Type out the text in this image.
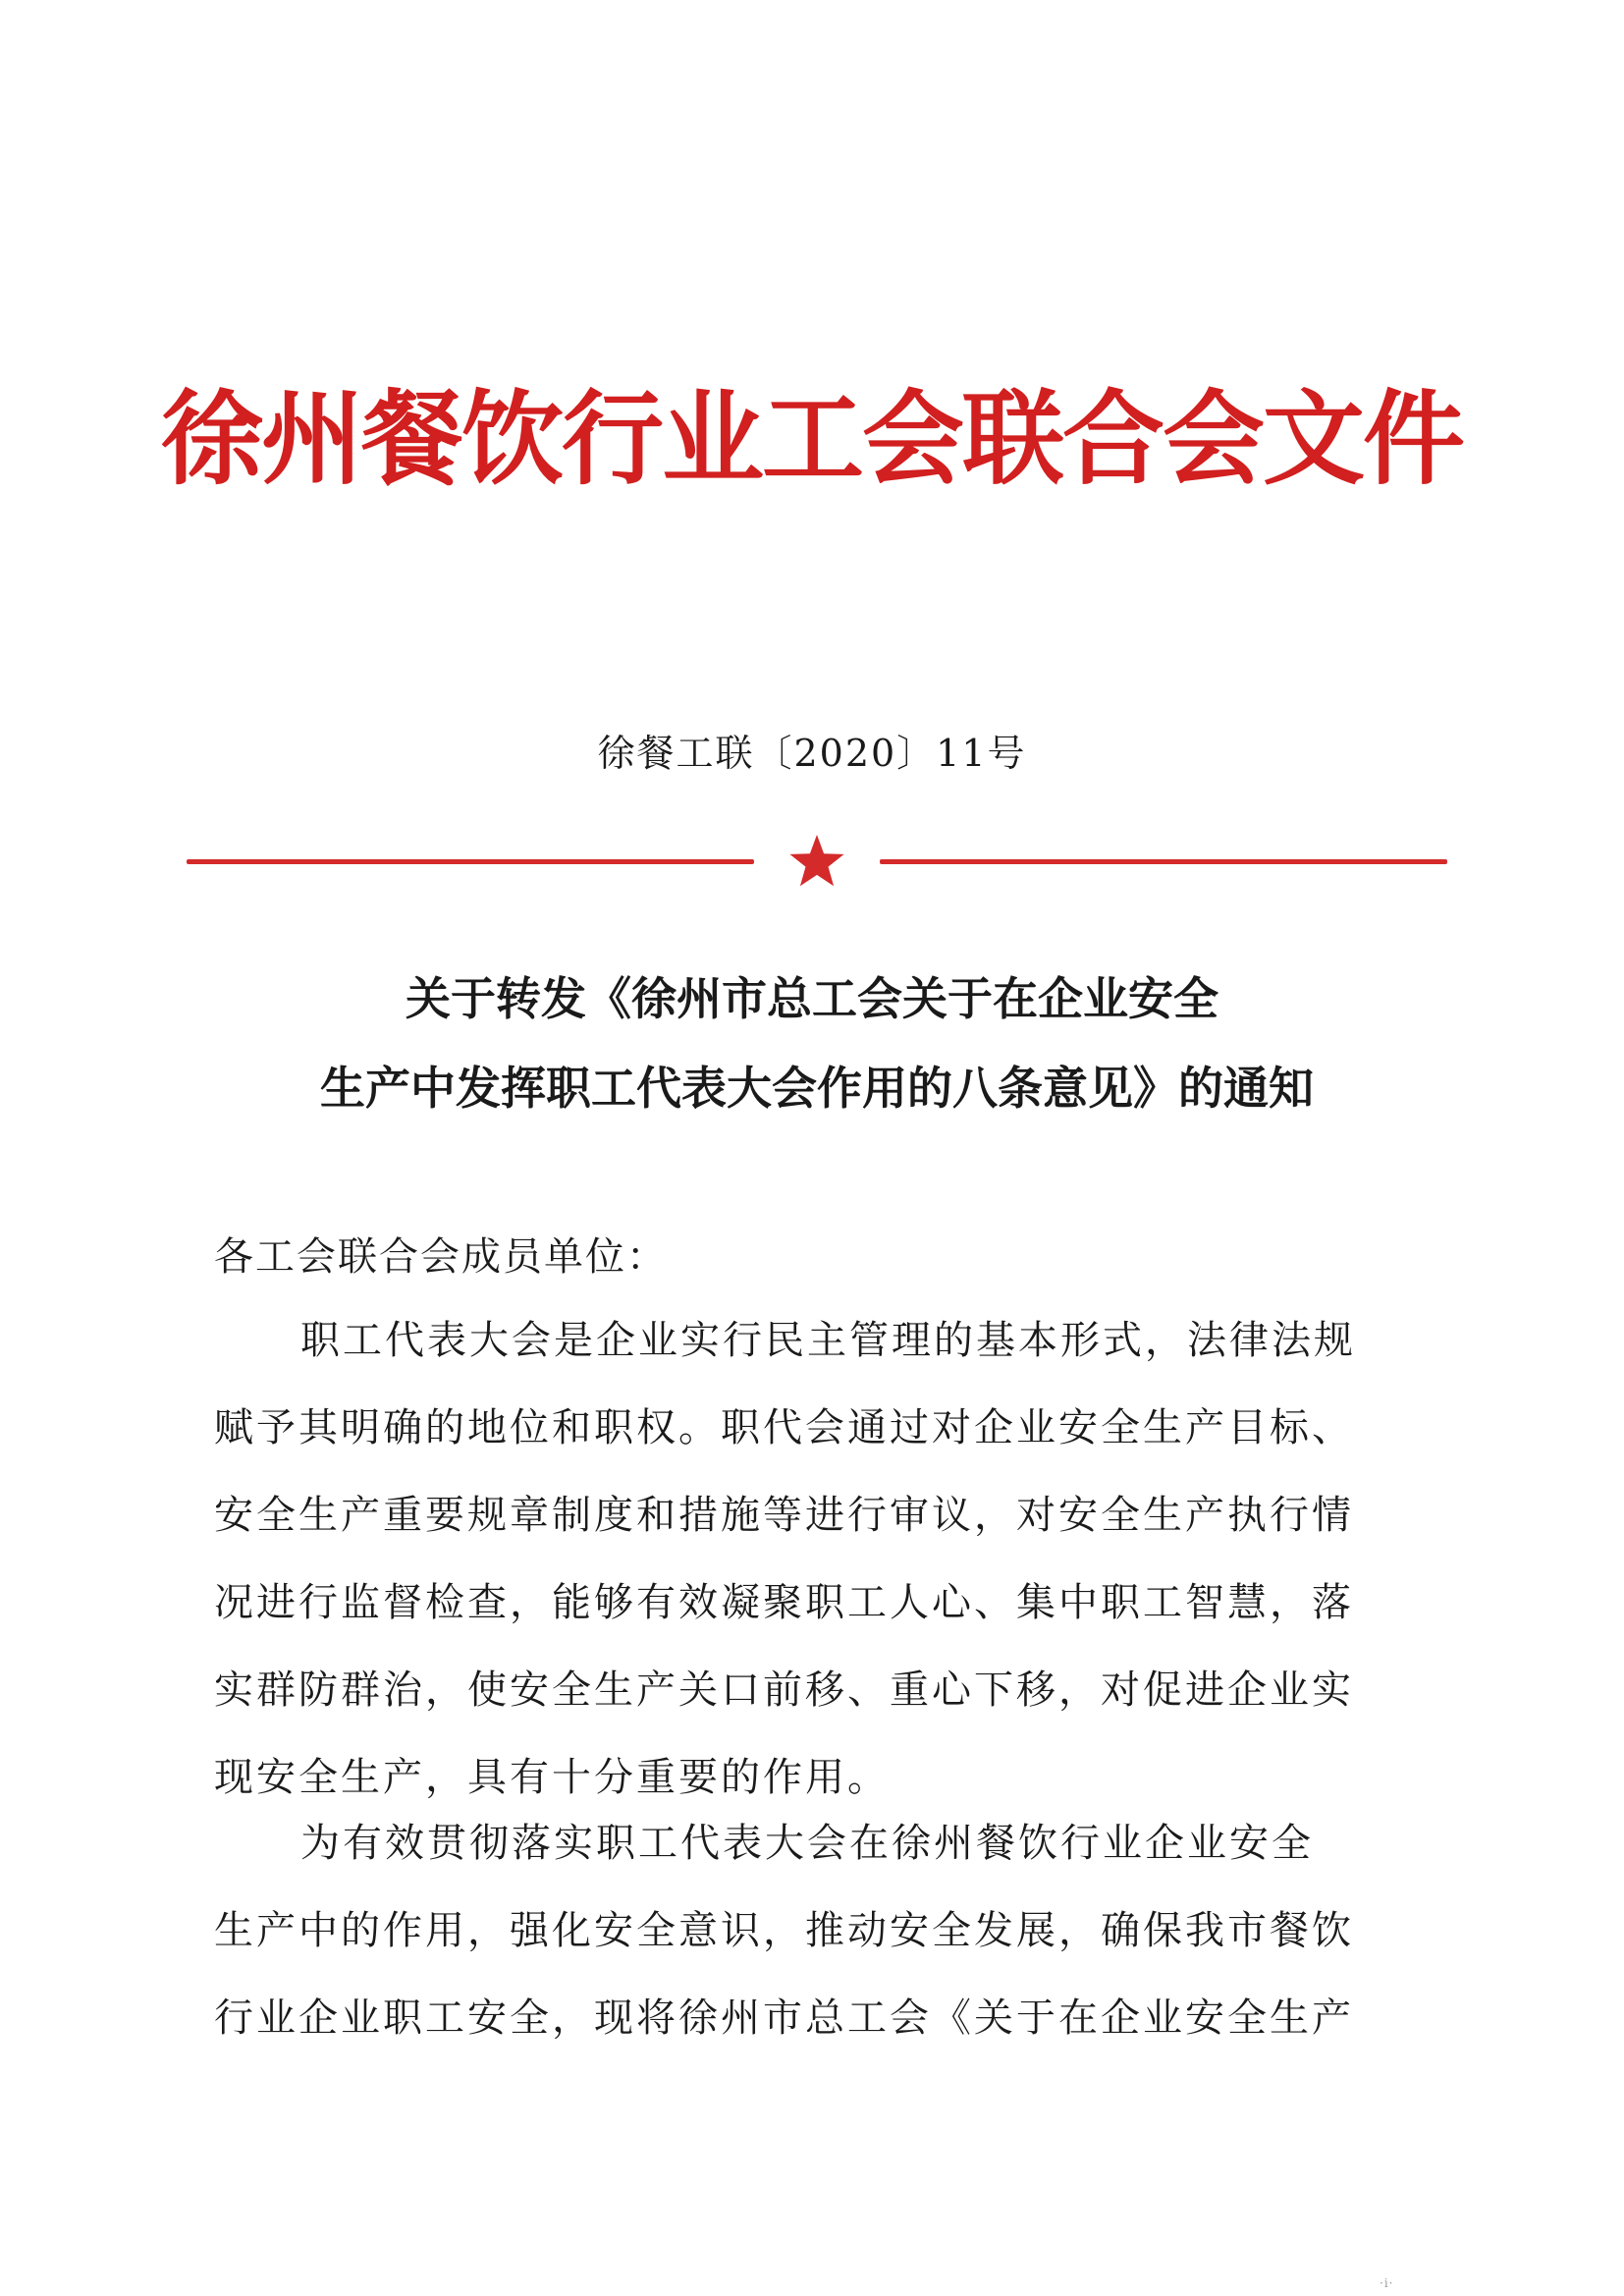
徐州餐饮行业工会联合会文件
徐餐工联〔2020〕11号
关于转发《徐州市总工会关于在企业安全
生产中发挥职工代表大会作用的八条意见》的通知
各工会联合会成员单位：
职工代表大会是企业实行民主管理的基本形式，法律法规
赋予其明确的地位和职权。职代会通过对企业安全生产目标、
安全生产重要规章制度和措施等进行审议，对安全生产执行情
况进行监督检查，能够有效凝聚职工人心、集中职工智慧，落
实群防群治，使安全生产关口前移、重心下移，对促进企业实
现安全生产，具有十分重要的作用。
为有效贯彻落实职工代表大会在徐州餐饮行业企业安全
生产中的作用，强化安全意识，推动安全发展，确保我市餐饮
行业企业职工安全，现将徐州市总工会《关于在企业安全生产
·i·
